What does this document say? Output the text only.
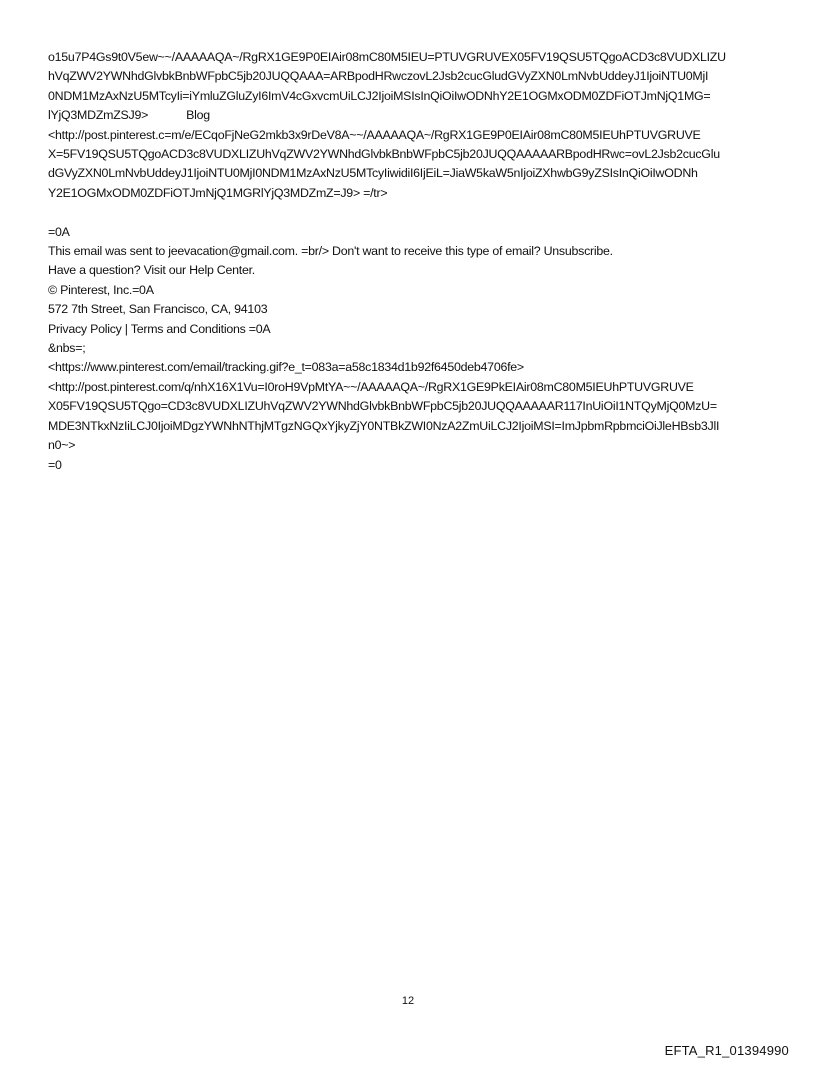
o15u7P4Gs9t0V5ew~~/AAAAAQA~/RgRX1GE9P0EIAir08mC80M5IEU=PTUVGRUVEX05FV19QSU5TQgoACD3c8VUDXLIZU
hVqZWV2YWNhdGlvbkBnbWFpbC5jb20JUQQAAA=ARBpodHRwczovL2Jsb2cucGludGVyZXN0LmNvbUddeyJ1IjoiNTU0MjI
0NDM1MzAxNzU5MTcyIi=iYmluZGluZyI6ImV4cGxvcmUiLCJ2IjoiMSIsInQiOiIwODNhY2E1OGMxODM0ZDFiOTJmNjQ1MG=
lYjQ3MDZmZSJ9>	Blog
<http://post.pinterest.c=m/e/ECqoFjNeG2mkb3x9rDeV8A~~/AAAAAQA~/RgRX1GE9P0EIAir08mC80M5IEUhPTUVGRUVE
X=5FV19QSU5TQgoACD3c8VUDXLIZUhVqZWV2YWNhdGlvbkBnbWFpbC5jb20JUQQAAAAARBpodHRwc=ovL2Jsb2cucGlu
dGVyZXN0LmNvbUddeyJ1IjoiNTU0MjI0NDM1MzAxNzU5MTcyIiwidiI6IjEiL=JiaW5kaW5nIjoiZXhwbG9yZSIsInQiOiIwODNh
Y2E1OGMxODM0ZDFiOTJmNjQ1MGRlYjQ3MDZmZ=J9> =/tr>
=0A
This email was sent to jeevacation@gmail.com. =br/> Don't want to receive this type of email? Unsubscribe.
Have a question? Visit our Help Center.
© Pinterest, Inc.=0A
572 7th Street, San Francisco, CA, 94103
Privacy Policy | Terms and Conditions =0A
&nbs=;
<https://www.pinterest.com/email/tracking.gif?e_t=083a=a58c1834d1b92f6450deb4706fe>
<http://post.pinterest.com/q/nhX16X1Vu=I0roH9VpMtYA~~/AAAAAQA~/RgRX1GE9PkEIAir08mC80M5IEUhPTUVGRUVE
X05FV19QSU5TQgo=CD3c8VUDXLIZUhVqZWV2YWNhdGlvbkBnbWFpbC5jb20JUQQAAAAAR117InUiOiI1NTQyMjQ0MzU=
MDE3NTkxNzIiLCJ0IjoiMDgzYWNhNThjMTgzNGQxYjkyZjY0NTBkZWI0NzA2ZmUiLCJ2IjoiMSI=ImJpbmRpbmciOiJleHBsb3JlI
n0~>
=0
12
EFTA_R1_01394990
